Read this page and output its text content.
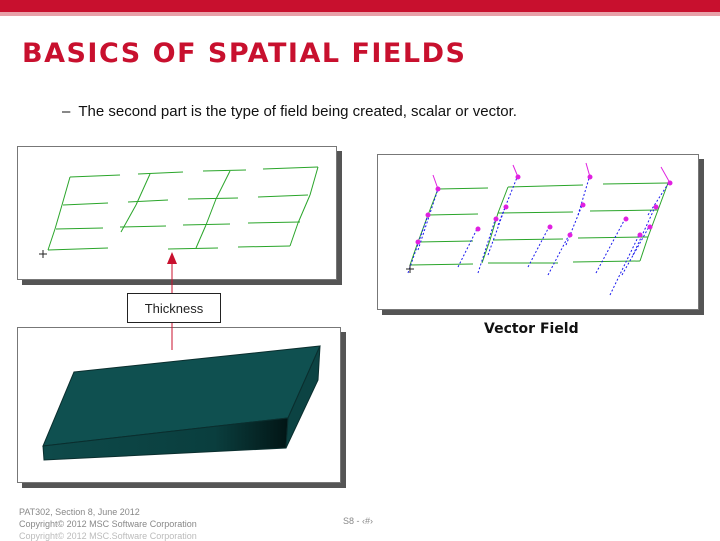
BASICS OF SPATIAL FIELDS
– The second part is the type of field being created, scalar or vector.
Thickness
Vector Field
PAT302, Section 8, June 2012
Copyright© 2012 MSC Software Corporation
Copyright© 2012 MSC.Software Corporation
S8 - ‹#›
